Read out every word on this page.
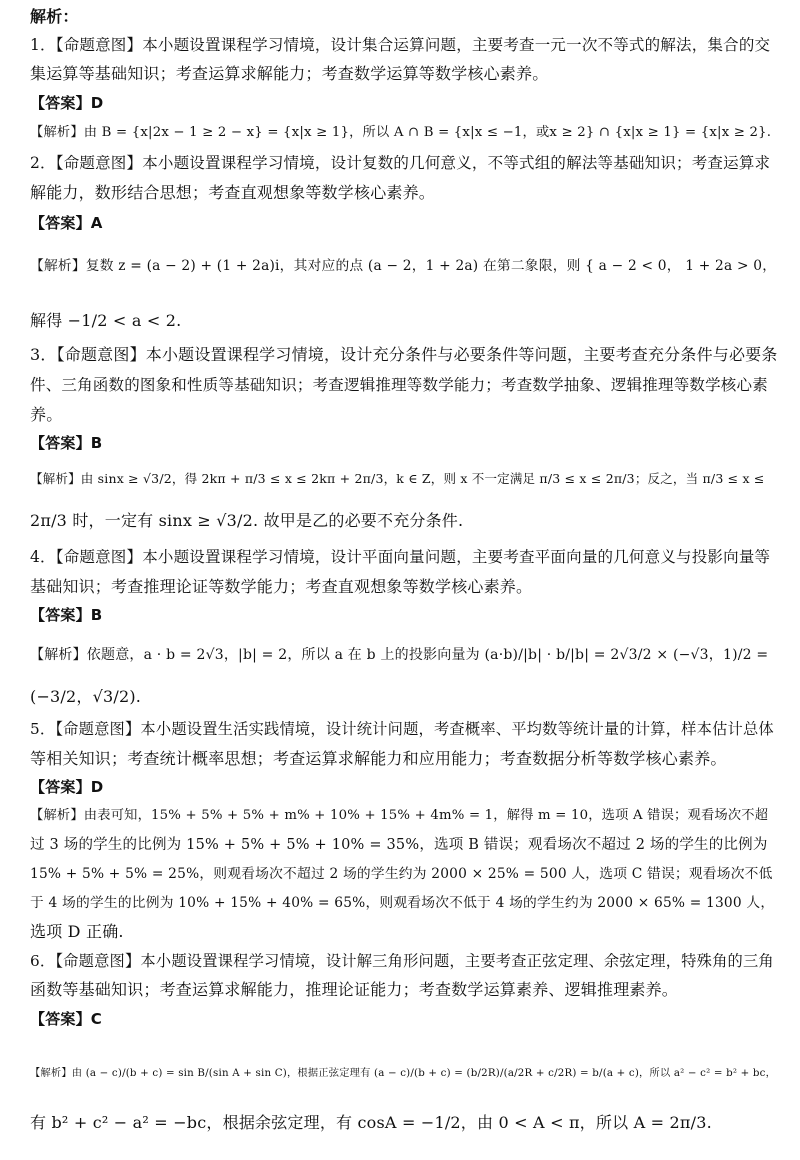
解析：
1．【命题意图】本小题设置课程学习情境，设计集合运算问题，主要考查一元一次不等式的解法，集合的交
集运算等基础知识；考查运算求解能力；考查数学运算等数学核心素养。
【答案】D
【解析】由 B = {x|2x − 1 ≥ 2 − x} = {x|x ≥ 1}，所以 A ∩ B = {x|x ≤ −1，或x ≥ 2} ∩ {x|x ≥ 1} = {x|x ≥ 2}.
2．【命题意图】本小题设置课程学习情境，设计复数的几何意义，不等式组的解法等基础知识；考查运算求
解能力，数形结合思想；考查直观想象等数学核心素养。
【答案】A
【解析】复数 z = (a − 2) + (1 + 2a)i，其对应的点 (a − 2，1 + 2a) 在第二象限，则 { a − 2 < 0， 1 + 2a > 0，
解得 −1/2 < a < 2.
3．【命题意图】本小题设置课程学习情境，设计充分条件与必要条件等问题，主要考查充分条件与必要条
件、三角函数的图象和性质等基础知识；考查逻辑推理等数学能力；考查数学抽象、逻辑推理等数学核心素
养。
【答案】B
【解析】由 sinx ≥ √3/2，得 2kπ + π/3 ≤ x ≤ 2kπ + 2π/3，k ∈ Z，则 x 不一定满足 π/3 ≤ x ≤ 2π/3；反之，当 π/3 ≤ x ≤
2π/3 时，一定有 sinx ≥ √3/2. 故甲是乙的必要不充分条件.
4．【命题意图】本小题设置课程学习情境，设计平面向量问题，主要考查平面向量的几何意义与投影向量等
基础知识；考查推理论证等数学能力；考查直观想象等数学核心素养。
【答案】B
【解析】依题意，a · b = 2√3，|b| = 2，所以 a 在 b 上的投影向量为 (a·b)/|b| · b/|b| = 2√3/2 × (−√3，1)/2 =
(−3/2，√3/2).
5．【命题意图】本小题设置生活实践情境，设计统计问题，考查概率、平均数等统计量的计算，样本估计总体
等相关知识；考查统计概率思想；考查运算求解能力和应用能力；考查数据分析等数学核心素养。
【答案】D
【解析】由表可知，15% + 5% + 5% + m% + 10% + 15% + 4m% = 1，解得 m = 10，选项 A 错误；观看场次不超
过 3 场的学生的比例为 15% + 5% + 5% + 10% = 35%，选项 B 错误；观看场次不超过 2 场的学生的比例为
15% + 5% + 5% = 25%，则观看场次不超过 2 场的学生约为 2000 × 25% = 500 人，选项 C 错误；观看场次不低
于 4 场的学生的比例为 10% + 15% + 40% = 65%，则观看场次不低于 4 场的学生约为 2000 × 65% = 1300 人，
选项 D 正确.
6．【命题意图】本小题设置课程学习情境，设计解三角形问题，主要考查正弦定理、余弦定理，特殊角的三角
函数等基础知识；考查运算求解能力，推理论证能力；考查数学运算素养、逻辑推理素养。
【答案】C
【解析】由 (a − c)/(b + c) = sin B/(sin A + sin C)，根据正弦定理有 (a − c)/(b + c) = (b/2R)/(a/2R + c/2R) = b/(a + c)，所以 a² − c² = b² + bc，
有 b² + c² − a² = −bc，根据余弦定理，有 cosA = −1/2，由 0 < A < π，所以 A = 2π/3.
